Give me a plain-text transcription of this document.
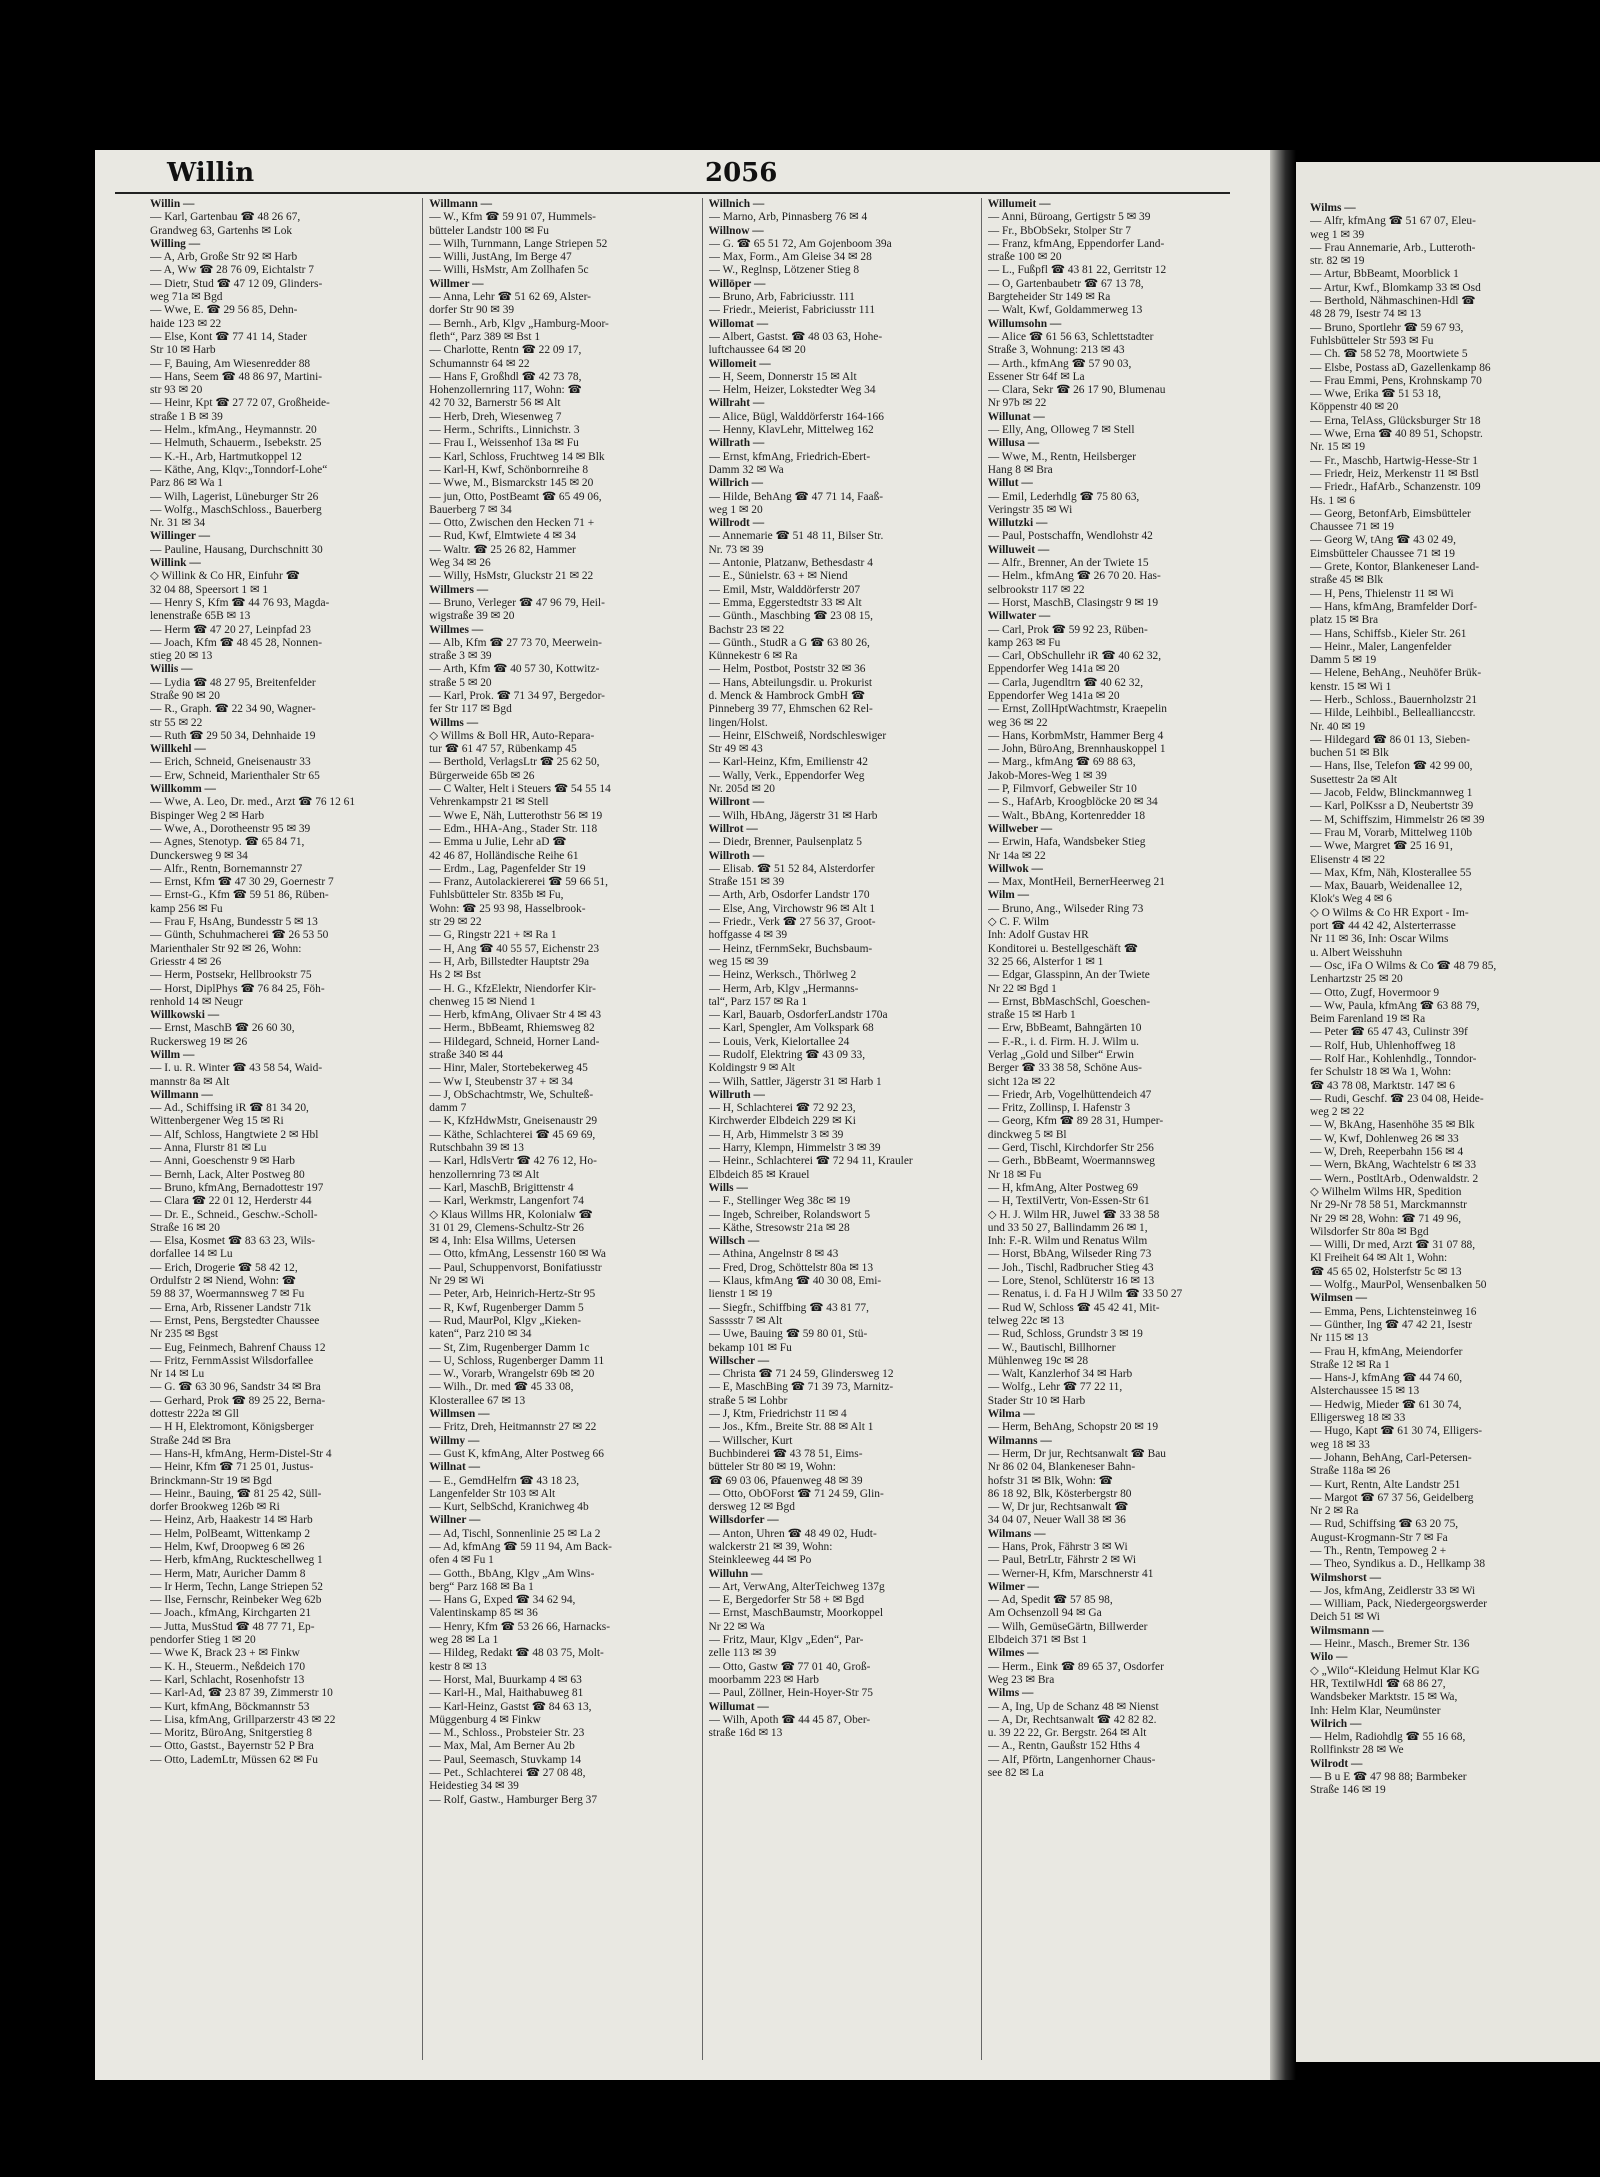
Willin	2056
Willin —
— Karl, Gartenbau ☎ 48 26 67,
Grandweg 63, Gartenhs ✉ Lok
Willing —
— A, Arb, Große Str 92 ✉ Harb
— A, Ww ☎ 28 76 09, Eichtalstr 7
— Dietr, Stud ☎ 47 12 09, Glinders-
weg 71a ✉ Bgd
— Wwe, E. ☎ 29 56 85, Dehn-
haide 123 ✉ 22
— Else, Kont ☎ 77 41 14, Stader
Str 10 ✉ Harb
— F, Bauing, Am Wiesenredder 88
— Hans, Seem ☎ 48 86 97, Martini-
str 93 ✉ 20
— Heinr, Kpt ☎ 27 72 07, Großheide-
straße 1 B ✉ 39
— Helm., kfmAng., Heymannstr. 20
— Helmuth, Schauerm., Isebekstr. 25
— K.-H., Arb, Hartmutkoppel 12
— Käthe, Ang, Klqv:„Tonndorf-Lohe“
Parz 86 ✉ Wa 1
— Wilh, Lagerist, Lüneburger Str 26
— Wolfg., MaschSchloss., Bauerberg
Nr. 31 ✉ 34
Willinger —
— Pauline, Hausang, Durchschnitt 30
Willink —
◇ Willink & Co HR, Einfuhr ☎
32 04 88, Speersort 1 ✉ 1
— Henry S, Kfm ☎ 44 76 93, Magda-
lenenstraße 65B ✉ 13
— Herm ☎ 47 20 27, Leinpfad 23
— Joach, Kfm ☎ 48 45 28, Nonnen-
stieg 20 ✉ 13
Willis —
— Lydia ☎ 48 27 95, Breitenfelder
Straße 90 ✉ 20
— R., Graph. ☎ 22 34 90, Wagner-
str 55 ✉ 22
— Ruth ☎ 29 50 34, Dehnhaide 19
Willkehl —
— Erich, Schneid, Gneisenaustr 33
— Erw, Schneid, Marienthaler Str 65
Willkomm —
— Wwe, A. Leo, Dr. med., Arzt ☎ 76 12 61
Bispinger Weg 2 ✉ Harb
— Wwe, A., Dorotheenstr 95 ✉ 39
— Agnes, Stenotyp. ☎ 65 84 71,
Dunckersweg 9 ✉ 34
— Alfr., Rentn, Bornemannstr 27
— Ernst, Kfm ☎ 47 30 29, Goernestr 7
— Ernst-G., Kfm ☎ 59 51 86, Rüben-
kamp 256 ✉ Fu
— Frau F, HsAng, Bundesstr 5 ✉ 13
— Günth, Schuhmacherei ☎ 26 53 50
Marienthaler Str 92 ✉ 26, Wohn:
Griesstr 4 ✉ 26
— Herm, Postsekr, Hellbrookstr 75
— Horst, DiplPhys ☎ 76 84 25, Föh-
renhold 14 ✉ Neugr
Willkowski —
— Ernst, MaschB ☎ 26 60 30,
Ruckersweg 19 ✉ 26
Willm —
— I. u. R. Winter ☎ 43 58 54, Waid-
mannstr 8a ✉ Alt
Willmann —
— Ad., Schiffsing iR ☎ 81 34 20,
Wittenbergener Weg 15 ✉ Ri
— Alf, Schloss, Hangtwiete 2 ✉ Hbl
— Anna, Flurstr 81 ✉ Lu
— Anni, Goeschenstr 9 ✉ Harb
— Bernh, Lack, Alter Postweg 80
— Bruno, kfmAng, Bernadottestr 197
— Clara ☎ 22 01 12, Herderstr 44
— Dr. E., Schneid., Geschw.-Scholl-
Straße 16 ✉ 20
— Elsa, Kosmet ☎ 83 63 23, Wils-
dorfallee 14 ✉ Lu
— Erich, Drogerie ☎ 58 42 12,
Ordulfstr 2 ✉ Niend, Wohn: ☎
59 88 37, Woermannsweg 7 ✉ Fu
— Erna, Arb, Rissener Landstr 71k
— Ernst, Pens, Bergstedter Chaussee
Nr 235 ✉ Bgst
— Eug, Feinmech, Bahrenf Chauss 12
— Fritz, FernmAssist Wilsdorfallee
Nr 14 ✉ Lu
— G. ☎ 63 30 96, Sandstr 34 ✉ Bra
— Gerhard, Prok ☎ 89 25 22, Berna-
dottestr 222a ✉ Gll
— H H, Elektromont, Königsberger
Straße 24d ✉ Bra
— Hans-H, kfmAng, Herm-Distel-Str 4
— Heinr, Kfm ☎ 71 25 01, Justus-
Brinckmann-Str 19 ✉ Bgd
— Heinr., Bauing, ☎ 81 25 42, Süll-
dorfer Brookweg 126b ✉ Ri
— Heinz, Arb, Haakestr 14 ✉ Harb
— Helm, PolBeamt, Wittenkamp 2
— Helm, Kwf, Droopweg 6 ✉ 26
— Herb, kfmAng, Ruckteschellweg 1
— Herm, Matr, Auricher Damm 8
— Ir Herm, Techn, Lange Striepen 52
— Ilse, Fernschr, Reinbeker Weg 62b
— Joach., kfmAng, Kirchgarten 21
— Jutta, MusStud ☎ 48 77 71, Ep-
pendorfer Stieg 1 ✉ 20
— Wwe K, Brack 23 + ✉ Finkw
— K. H., Steuerm., Neßdeich 170
— Karl, Schlacht, Rosenhofstr 13
— Karl-Ad, ☎ 23 87 39, Zimmerstr 10
— Kurt, kfmAng, Böckmannstr 53
— Lisa, kfmAng, Grillparzerstr 43 ✉ 22
— Moritz, BüroAng, Snitgerstieg 8
— Otto, Gastst., Bayernstr 52 P Bra
— Otto, LademLtr, Müssen 62 ✉ Fu
Willmann —
— W., Kfm ☎ 59 91 07, Hummels-
bütteler Landstr 100 ✉ Fu
— Wilh, Turnmann, Lange Striepen 52
— Willi, JustAng, Im Berge 47
— Willi, HsMstr, Am Zollhafen 5c
Willmer —
— Anna, Lehr ☎ 51 62 69, Alster-
dorfer Str 90 ✉ 39
— Bernh., Arb, Klgv „Hamburg-Moor-
fleth“, Parz 389 ✉ Bst 1
— Charlotte, Rentn ☎ 22 09 17,
Schumannstr 64 ✉ 22
— Hans F, Großhdl ☎ 42 73 78,
Hohenzollernring 117, Wohn: ☎
42 70 32, Barnerstr 56 ✉ Alt
— Herb, Dreh, Wiesenweg 7
— Herm., Schrifts., Linnichstr. 3
— Frau I., Weissenhof 13a ✉ Fu
— Karl, Schloss, Fruchtweg 14 ✉ Blk
— Karl-H, Kwf, Schönbornreihe 8
— Wwe, M., Bismarckstr 145 ✉ 20
— jun, Otto, PostBeamt ☎ 65 49 06,
Bauerberg 7 ✉ 34
— Otto, Zwischen den Hecken 71 +
— Rud, Kwf, Elmtwiete 4 ✉ 34
— Waltr. ☎ 25 26 82, Hammer
Weg 34 ✉ 26
— Willy, HsMstr, Gluckstr 21 ✉ 22
Willmers —
— Bruno, Verleger ☎ 47 96 79, Heil-
wigstraße 39 ✉ 20
Willmes —
— Alb, Kfm ☎ 27 73 70, Meerwein-
straße 3 ✉ 39
— Arth, Kfm ☎ 40 57 30, Kottwitz-
straße 5 ✉ 20
— Karl, Prok. ☎ 71 34 97, Bergedor-
fer Str 117 ✉ Bgd
Willms —
◇ Willms & Boll HR, Auto-Repara-
tur ☎ 61 47 57, Rübenkamp 45
— Berthold, VerlagsLtr ☎ 25 62 50,
Bürgerweide 65b ✉ 26
— C Walter, Helt i Steuers ☎ 54 55 14
Vehrenkampstr 21 ✉ Stell
— Wwe E, Näh, Lutterothstr 56 ✉ 19
— Edm., HHA-Ang., Stader Str. 118
— Emma u Julie, Lehr aD ☎
42 46 87, Holländische Reihe 61
— Erdm., Lag, Pagenfelder Str 19
— Franz, Autolackiererei ☎ 59 66 51,
Fuhlsbütteler Str. 835b ✉ Fu,
Wohn: ☎ 25 93 98, Hasselbrook-
str 29 ✉ 22
— G, Ringstr 221 + ✉ Ra 1
— H, Ang ☎ 40 55 57, Eichenstr 23
— H, Arb, Billstedter Hauptstr 29a
Hs 2 ✉ Bst
— H. G., KfzElektr, Niendorfer Kir-
chenweg 15 ✉ Niend 1
— Herb, kfmAng, Olivaer Str 4 ✉ 43
— Herm., BbBeamt, Rhiemsweg 82
— Hildegard, Schneid, Horner Land-
straße 340 ✉ 44
— Hinr, Maler, Stortebekerweg 45
— Ww I, Steubenstr 37 + ✉ 34
— J, ObSchachtmstr, We, Schulteß-
damm 7
— K, KfzHdwMstr, Gneisenaustr 29
— Käthe, Schlachterei ☎ 45 69 69,
Rutschbahn 39 ✉ 13
— Karl, HdlsVertr ☎ 42 76 12, Ho-
henzollernring 73 ✉ Alt
— Karl, MaschB, Brigittenstr 4
— Karl, Werkmstr, Langenfort 74
◇ Klaus Willms HR, Kolonialw ☎
31 01 29, Clemens-Schultz-Str 26
✉ 4, Inh: Elsa Willms, Uetersen
— Otto, kfmAng, Lessenstr 160 ✉ Wa
— Paul, Schuppenvorst, Bonifatiusstr
Nr 29 ✉ Wi
— Peter, Arb, Heinrich-Hertz-Str 95
— R, Kwf, Rugenberger Damm 5
— Rud, MaurPol, Klgv „Kieken-
katen“, Parz 210 ✉ 34
— St, Zim, Rugenberger Damm 1c
— U, Schloss, Rugenberger Damm 11
— W., Vorarb, Wrangelstr 69b ✉ 20
— Wilh., Dr. med ☎ 45 33 08,
Klosterallee 67 ✉ 13
Willmsen —
— Fritz, Dreh, Heitmannstr 27 ✉ 22
Willmy —
— Gust K, kfmAng, Alter Postweg 66
Willnat —
— E., GemdHelfrn ☎ 43 18 23,
Langenfelder Str 103 ✉ Alt
— Kurt, SelbSchd, Kranichweg 4b
Willner —
— Ad, Tischl, Sonnenlinie 25 ✉ La 2
— Ad, kfmAng ☎ 59 11 94, Am Back-
ofen 4 ✉ Fu 1
— Gotth., BbAng, Klgv „Am Wins-
berg“ Parz 168 ✉ Ba 1
— Hans G, Exped ☎ 34 62 94,
Valentinskamp 85 ✉ 36
— Henry, Kfm ☎ 53 26 66, Harnacks-
weg 28 ✉ La 1
— Hildeg, Redakt ☎ 48 03 75, Molt-
kestr 8 ✉ 13
— Horst, Mal, Buurkamp 4 ✉ 63
— Karl-H., Mal, Haithabuweg 81
— Karl-Heinz, Gastst ☎ 84 63 13,
Müggenburg 4 ✉ Finkw
— M., Schloss., Probsteier Str. 23
— Max, Mal, Am Berner Au 2b
— Paul, Seemasch, Stuvkamp 14
— Pet., Schlachterei ☎ 27 08 48,
Heidestieg 34 ✉ 39
— Rolf, Gastw., Hamburger Berg 37
Willnich —
— Marno, Arb, Pinnasberg 76 ✉ 4
Willnow —
— G. ☎ 65 51 72, Am Gojenboom 39a
— Max, Form., Am Gleise 34 ✉ 28
— W., Reglnsp, Lötzener Stieg 8
Willöper —
— Bruno, Arb, Fabriciusstr. 111
— Friedr., Meierist, Fabriciusstr 111
Willomat —
— Albert, Gastst. ☎ 48 03 63, Hohe-
luftchaussee 64 ✉ 20
Willomeit —
— H, Seem, Donnerstr 15 ✉ Alt
— Helm, Heizer, Lokstedter Weg 34
Willraht —
— Alice, Bügl, Walddörferstr 164-166
— Henny, KlavLehr, Mittelweg 162
Willrath —
— Ernst, kfmAng, Friedrich-Ebert-
Damm 32 ✉ Wa
Willrich —
— Hilde, BehAng ☎ 47 71 14, Faaß-
weg 1 ✉ 20
Willrodt —
— Annemarie ☎ 51 48 11, Bilser Str.
Nr. 73 ✉ 39
— Antonie, Platzanw, Bethesdastr 4
— E., Sünielstr. 63 + ✉ Niend
— Emil, Mstr, Walddörferstr 207
— Emma, Eggerstedtstr 33 ✉ Alt
— Günth., Maschbing ☎ 23 08 15,
Bachstr 23 ✉ 22
— Günth., StudR a G ☎ 63 80 26,
Künnekestr 6 ✉ Ra
— Helm, Postbot, Poststr 32 ✉ 36
— Hans, Abteilungsdir. u. Prokurist
d. Menck & Hambrock GmbH ☎
Pinneberg 39 77, Ehmschen 62 Rel-
lingen/Holst.
— Heinr, ElSchweiß, Nordschleswiger
Str 49 ✉ 43
— Karl-Heinz, Kfm, Emilienstr 42
— Wally, Verk., Eppendorfer Weg
Nr. 205d ✉ 20
Willront —
— Wilh, HbAng, Jägerstr 31 ✉ Harb
Willrot —
— Diedr, Brenner, Paulsenplatz 5
Willroth —
— Elisab. ☎ 51 52 84, Alsterdorfer
Straße 151 ✉ 39
— Arth, Arb, Osdorfer Landstr 170
— Else, Ang, Virchowstr 96 ✉ Alt 1
— Friedr., Verk ☎ 27 56 37, Groot-
hoffgasse 4 ✉ 39
— Heinz, tFernmSekr, Buchsbaum-
weg 15 ✉ 39
— Heinz, Werksch., Thörlweg 2
— Herm, Arb, Klgv „Hermanns-
tal“, Parz 157 ✉ Ra 1
— Karl, Bauarb, OsdorferLandstr 170a
— Karl, Spengler, Am Volkspark 68
— Louis, Verk, Kielortallee 24
— Rudolf, Elektring ☎ 43 09 33,
Koldingstr 9 ✉ Alt
— Wilh, Sattler, Jägerstr 31 ✉ Harb 1
Willruth —
— H, Schlachterei ☎ 72 92 23,
Kirchwerder Elbdeich 229 ✉ Ki
— H, Arb, Himmelstr 3 ✉ 39
— Harry, Klempn, Himmelstr 3 ✉ 39
— Heinr., Schlachterei ☎ 72 94 11, Krauler
Elbdeich 85 ✉ Krauel
Wills —
— F., Stellinger Weg 38c ✉ 19
— Ingeb, Schreiber, Rolandswort 5
— Käthe, Stresowstr 21a ✉ 28
Willsch —
— Athina, Angelnstr 8 ✉ 43
— Fred, Drog, Schöttelstr 80a ✉ 13
— Klaus, kfmAng ☎ 40 30 08, Emi-
lienstr 1 ✉ 19
— Siegfr., Schiffbing ☎ 43 81 77,
Sasssstr 7 ✉ Alt
— Uwe, Bauing ☎ 59 80 01, Stü-
bekamp 101 ✉ Fu
Willscher —
— Christa ☎ 71 24 59, Glindersweg 12
— E, MaschBing ☎ 71 39 73, Marnitz-
straße 5 ✉ Lohbr
— J, Ktm, Friedrichstr 11 ✉ 4
— Jos., Kfm., Breite Str. 88 ✉ Alt 1
— Willscher, Kurt
Buchbinderei ☎ 43 78 51, Eims-
bütteler Str 80 ✉ 19, Wohn:
☎ 69 03 06, Pfauenweg 48 ✉ 39
— Otto, ObOForst ☎ 71 24 59, Glin-
dersweg 12 ✉ Bgd
Willsdorfer —
— Anton, Uhren ☎ 48 49 02, Hudt-
walckerstr 21 ✉ 39, Wohn:
Steinkleeweg 44 ✉ Po
Willuhn —
— Art, VerwAng, AlterTeichweg 137g
— E, Bergedorfer Str 58 + ✉ Bgd
— Ernst, MaschBaumstr, Moorkoppel
Nr 22 ✉ Wa
— Fritz, Maur, Klgv „Eden“, Par-
zelle 113 ✉ 39
— Otto, Gastw ☎ 77 01 40, Groß-
moorbamm 223 ✉ Harb
— Paul, Zöllner, Hein-Hoyer-Str 75
Willumat —
— Wilh, Apoth ☎ 44 45 87, Ober-
straße 16d ✉ 13
Willumeit —
— Anni, Büroang, Gertigstr 5 ✉ 39
— Fr., BbObSekr, Stolper Str 7
— Franz, kfmAng, Eppendorfer Land-
straße 100 ✉ 20
— L., Fußpfl ☎ 43 81 22, Gerritstr 12
— O, Gartenbaubetr ☎ 67 13 78,
Bargteheider Str 149 ✉ Ra
— Walt, Kwf, Goldammerweg 13
Willumsohn —
— Alice ☎ 61 56 63, Schlettstadter
Straße 3, Wohnung: 213 ✉ 43
— Arth., kfmAng ☎ 57 90 03,
Essener Str 64f ✉ La
— Clara, Sekr ☎ 26 17 90, Blumenau
Nr 97b ✉ 22
Willunat —
— Elly, Ang, Olloweg 7 ✉ Stell
Willusa —
— Wwe, M., Rentn, Heilsberger
Hang 8 ✉ Bra
Willut —
— Emil, Lederhdlg ☎ 75 80 63,
Veringstr 35 ✉ Wi
Willutzki —
— Paul, Postschaffn, Wendlohstr 42
Willuweit —
— Alfr., Brenner, An der Twiete 15
— Helm., kfmAng ☎ 26 70 20. Has-
selbrookstr 117 ✉ 22
— Horst, MaschB, Clasingstr 9 ✉ 19
Willwater —
— Carl, Prok ☎ 59 92 23, Rüben-
kamp 263 ✉ Fu
— Carl, ObSchullehr iR ☎ 40 62 32,
Eppendorfer Weg 141a ✉ 20
— Carla, Jugendltrn ☎ 40 62 32,
Eppendorfer Weg 141a ✉ 20
— Ernst, ZollHptWachtmstr, Kraepelin
weg 36 ✉ 22
— Hans, KorbmMstr, Hammer Berg 4
— John, BüroAng, Brennhauskoppel 1
— Marg., kfmAng ☎ 69 88 63,
Jakob-Mores-Weg 1 ✉ 39
— P, Filmvorf, Gebweiler Str 10
— S., HafArb, Kroogblöcke 20 ✉ 34
— Walt., BbAng, Kortenredder 18
Willweber —
— Erwin, Hafa, Wandsbeker Stieg
Nr 14a ✉ 22
Willwok —
— Max, MontHeil, BernerHeerweg 21
Wilm —
— Bruno, Ang., Wilseder Ring 73
◇ C. F. Wilm
Inh: Adolf Gustav HR
Konditorei u. Bestellgeschäft ☎
32 25 66, Alsterfor 1 ✉ 1
— Edgar, Glasspinn, An der Twiete
Nr 22 ✉ Bgd 1
— Ernst, BbMaschSchl, Goeschen-
straße 15 ✉ Harb 1
— Erw, BbBeamt, Bahngärten 10
— F.-R., i. d. Firm. H. J. Wilm u.
Verlag „Gold und Silber“ Erwin
Berger ☎ 33 38 58, Schöne Aus-
sicht 12a ✉ 22
— Friedr, Arb, Vogelhüttendeich 47
— Fritz, Zollinsp, I. Hafenstr 3
— Georg, Kfm ☎ 89 28 31, Humper-
dinckweg 5 ✉ Bl
— Gerd, Tischl, Kirchdorfer Str 256
— Gerh., BbBeamt, Woermannsweg
Nr 18 ✉ Fu
— H, kfmAng, Alter Postweg 69
— H, TextilVertr, Von-Essen-Str 61
◇ H. J. Wilm HR, Juwel ☎ 33 38 58
und 33 50 27, Ballindamm 26 ✉ 1,
Inh: F.-R. Wilm und Renatus Wilm
— Horst, BbAng, Wilseder Ring 73
— Joh., Tischl, Radbrucher Stieg 43
— Lore, Stenol, Schlüterstr 16 ✉ 13
— Renatus, i. d. Fa H J Wilm ☎ 33 50 27
— Rud W, Schloss ☎ 45 42 41, Mit-
telweg 22c ✉ 13
— Rud, Schloss, Grundstr 3 ✉ 19
— W., Bautischl, Billhorner
Mühlenweg 19c ✉ 28
— Walt, Kanzlerhof 34 ✉ Harb
— Wolfg., Lehr ☎ 77 22 11,
Stader Str 10 ✉ Harb
Wilma —
— Herm, BehAng, Schopstr 20 ✉ 19
Wilmanns —
— Herm, Dr jur, Rechtsanwalt ☎ Bau
Nr 86 02 04, Blankeneser Bahn-
hofstr 31 ✉ Blk, Wohn: ☎
86 18 92, Blk, Kösterbergstr 80
— W, Dr jur, Rechtsanwalt ☎
34 04 07, Neuer Wall 38 ✉ 36
Wilmans —
— Hans, Prok, Fährstr 3 ✉ Wi
— Paul, BetrLtr, Fährstr 2 ✉ Wi
— Werner-H, Kfm, Marschnerstr 41
Wilmer —
— Ad, Spedit ☎ 57 85 98,
Am Ochsenzoll 94 ✉ Ga
— Wilh, GemüseGärtn, Billwerder
Elbdeich 371 ✉ Bst 1
Wilmes —
— Herm., Eink ☎ 89 65 37, Osdorfer
Weg 23 ✉ Bra
Wilms —
— A, Ing, Up de Schanz 48 ✉ Nienst
— A, Dr, Rechtsanwalt ☎ 42 82 82.
u. 39 22 22, Gr. Bergstr. 264 ✉ Alt
— A., Rentn, Gaußstr 152 Hths 4
— Alf, Pförtn, Langenhorner Chaus-
see 82 ✉ La
Wilms —
— Alfr, kfmAng ☎ 51 67 07, Eleu-
weg 1 ✉ 39
— Frau Annemarie, Arb., Lutteroth-
str. 82 ✉ 19
— Artur, BbBeamt, Moorblick 1
— Artur, Kwf., Blomkamp 33 ✉ Osd
— Berthold, Nähmaschinen-Hdl ☎
48 28 79, Isestr 74 ✉ 13
— Bruno, Sportlehr ☎ 59 67 93,
Fuhlsbütteler Str 593 ✉ Fu
— Ch. ☎ 58 52 78, Moortwiete 5
— Elsbe, Postass aD, Gazellenkamp 86
— Frau Emmi, Pens, Krohnskamp 70
— Wwe, Erika ☎ 51 53 18,
Köppenstr 40 ✉ 20
— Erna, TelAss, Glücksburger Str 18
— Wwe, Erna ☎ 40 89 51, Schopstr.
Nr. 15 ✉ 19
— Fr., Maschb, Hartwig-Hesse-Str 1
— Friedr, Heiz, Merkenstr 11 ✉ Bstl
— Friedr., HafArb., Schanzenstr. 109
Hs. 1 ✉ 6
— Georg, BetonfArb, Eimsbütteler
Chaussee 71 ✉ 19
— Georg W, tAng ☎ 43 02 49,
Eimsbütteler Chaussee 71 ✉ 19
— Grete, Kontor, Blankeneser Land-
straße 45 ✉ Blk
— H, Pens, Thielenstr 11 ✉ Wi
— Hans, kfmAng, Bramfelder Dorf-
platz 15 ✉ Bra
— Hans, Schiffsb., Kieler Str. 261
— Heinr., Maler, Langenfelder
Damm 5 ✉ 19
— Helene, BehAng., Neuhöfer Brük-
kenstr. 15 ✉ Wi 1
— Herb., Schloss., Bauernholzstr 21
— Hilde, Leihbibl., Belleallianccstr.
Nr. 40 ✉ 19
— Hildegard ☎ 86 01 13, Sieben-
buchen 51 ✉ Blk
— Hans, Ilse, Telefon ☎ 42 99 00,
Susettestr 2a ✉ Alt
— Jacob, Feldw, Blinckmannweg 1
— Karl, PolKssr a D, Neubertstr 39
— M, Schiffszim, Himmelstr 26 ✉ 39
— Frau M, Vorarb, Mittelweg 110b
— Wwe, Margret ☎ 25 16 91,
Elisenstr 4 ✉ 22
— Max, Kfm, Näh, Klosterallee 55
— Max, Bauarb, Weidenallee 12,
Klok's Weg 4 ✉ 6
◇ O Wilms & Co HR Export - Im-
port ☎ 44 42 42, Alsterterrasse
Nr 11 ✉ 36, Inh: Oscar Wilms
u. Albert Weisshuhn
— Osc, iFa O Wilms & Co ☎ 48 79 85,
Lenhartzstr 25 ✉ 20
— Otto, Zugf, Hovermoor 9
— Ww, Paula, kfmAng ☎ 63 88 79,
Beim Farenland 19 ✉ Ra
— Peter ☎ 65 47 43, Culinstr 39f
— Rolf, Hub, Uhlenhoffweg 18
— Rolf Har., Kohlenhdlg., Tonndor-
fer Schulstr 18 ✉ Wa 1, Wohn:
☎ 43 78 08, Marktstr. 147 ✉ 6
— Rudi, Geschf. ☎ 23 04 08, Heide-
weg 2 ✉ 22
— W, BkAng, Hasenhöhe 35 ✉ Blk
— W, Kwf, Dohlenweg 26 ✉ 33
— W, Dreh, Reeperbahn 156 ✉ 4
— Wern, BkAng, Wachtelstr 6 ✉ 33
— Wern., PostltArb., Odenwaldstr. 2
◇ Wilhelm Wilms HR, Spedition
Nr 29-Nr 78 58 51, Marckmannstr
Nr 29 ✉ 28, Wohn: ☎ 71 49 96,
Wilsdorfer Str 80a ✉ Bgd
— Willi, Dr med, Arzt ☎ 31 07 88,
Kl Freiheit 64 ✉ Alt 1, Wohn:
☎ 45 65 02, Holsterfstr 5c ✉ 13
— Wolfg., MaurPol, Wensenbalken 50
Wilmsen —
— Emma, Pens, Lichtensteinweg 16
— Günther, Ing ☎ 47 42 21, Isestr
Nr 115 ✉ 13
— Frau H, kfmAng, Meiendorfer
Straße 12 ✉ Ra 1
— Hans-J, kfmAng ☎ 44 74 60,
Alsterchaussee 15 ✉ 13
— Hedwig, Mieder ☎ 61 30 74,
Elligersweg 18 ✉ 33
— Hugo, Kapt ☎ 61 30 74, Elligers-
weg 18 ✉ 33
— Johann, BehAng, Carl-Petersen-
Straße 118a ✉ 26
— Kurt, Rentn, Alte Landstr 251
— Margot ☎ 67 37 56, Geidelberg
Nr 2 ✉ Ra
— Rud, Schiffsing ☎ 63 20 75,
August-Krogmann-Str 7 ✉ Fa
— Th., Rentn, Tempoweg 2 +
— Theo, Syndikus a. D., Hellkamp 38
Wilmshorst —
— Jos, kfmAng, Zeidlerstr 33 ✉ Wi
— William, Pack, Niedergeorgswerder
Deich 51 ✉ Wi
Wilmsmann —
— Heinr., Masch., Bremer Str. 136
Wilo —
◇ „Wilo“-Kleidung Helmut Klar KG
HR, TextilwHdl ☎ 68 86 27,
Wandsbeker Marktstr. 15 ✉ Wa,
Inh: Helm Klar, Neumünster
Wilrich —
— Helm, Radiohdlg ☎ 55 16 68,
Rollfinkstr 28 ✉ We
Wilrodt —
— B u E ☎ 47 98 88; Barmbeker
Straße 146 ✉ 19
